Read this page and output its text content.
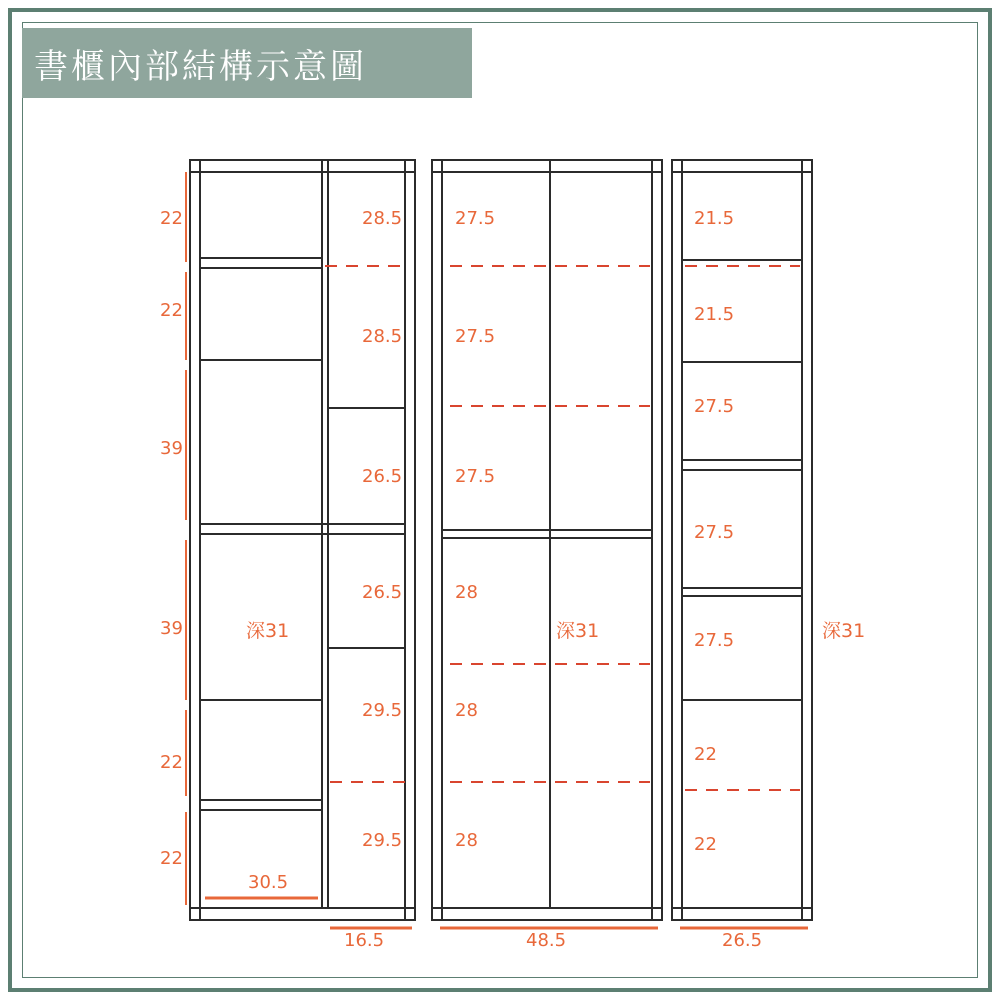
書櫃內部結構示意圖
22
22
39
39
22
22
28.5
28.5
26.5
26.5
29.5
29.5
深31
30.5
16.5
27.5
27.5
27.5
28
28
28
深31
48.5
21.5
21.5
27.5
27.5
27.5
22
22
深31
26.5
